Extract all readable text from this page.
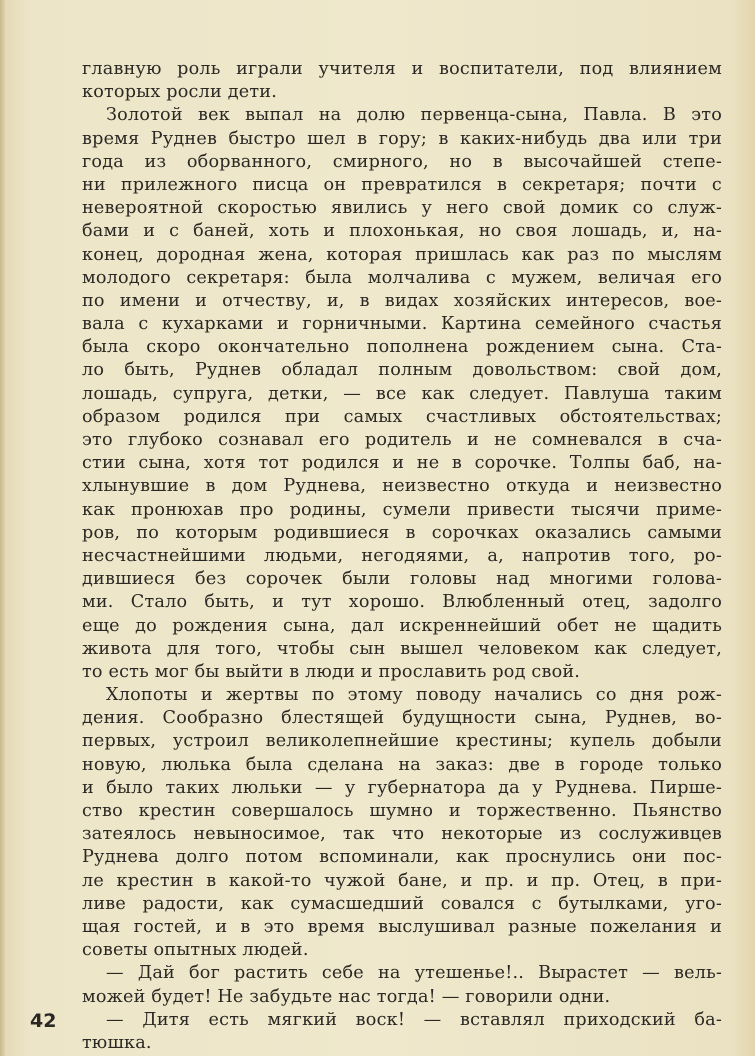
главную роль играли учителя и воспитатели, под влиянием
которых росли дети.
Золотой век выпал на долю первенца-сына, Павла. В это
время Руднев быстро шел в гору; в каких-нибудь два или три
года из оборванного, смирного, но в высочайшей степе-
ни прилежного писца он превратился в секретаря; почти с
невероятной скоростью явились у него свой домик со служ-
бами и с баней, хоть и плохонькая, но своя лошадь, и, на-
конец, дородная жена, которая пришлась как раз по мыслям
молодого секретаря: была молчалива с мужем, величая его
по имени и отчеству, и, в видах хозяйских интересов, вое-
вала с кухарками и горничными. Картина семейного счастья
была скоро окончательно пополнена рождением сына. Ста-
ло быть, Руднев обладал полным довольством: свой дом,
лошадь, супруга, детки, — все как следует. Павлуша таким
образом родился при самых счастливых обстоятельствах;
это глубоко сознавал его родитель и не сомневался в сча-
стии сына, хотя тот родился и не в сорочке. Толпы баб, на-
хлынувшие в дом Руднева, неизвестно откуда и неизвестно
как пронюхав про родины, сумели привести тысячи приме-
ров, по которым родившиеся в сорочках оказались самыми
несчастнейшими людьми, негодяями, а, напротив того, ро-
дившиеся без сорочек были головы над многими голова-
ми. Стало быть, и тут хорошо. Влюбленный отец, задолго
еще до рождения сына, дал искреннейший обет не щадить
живота для того, чтобы сын вышел человеком как следует,
то есть мог бы выйти в люди и прославить род свой.
Хлопоты и жертвы по этому поводу начались со дня рож-
дения. Сообразно блестящей будущности сына, Руднев, во-
первых, устроил великолепнейшие крестины; купель добыли
новую, люлька была сделана на заказ: две в городе только
и было таких люльки — у губернатора да у Руднева. Пирше-
ство крестин совершалось шумно и торжественно. Пьянство
затеялось невыносимое, так что некоторые из сослуживцев
Руднева долго потом вспоминали, как проснулись они пос-
ле крестин в какой-то чужой бане, и пр. и пр. Отец, в при-
ливе радости, как сумасшедший совался с бутылками, уго-
щая гостей, и в это время выслушивал разные пожелания и
советы опытных людей.
— Дай бог растить себе на утешенье!.. Вырастет — вель-
можей будет! Не забудьте нас тогда! — говорили одни.
— Дитя есть мягкий воск! — вставлял приходский ба-
тюшка.
42
